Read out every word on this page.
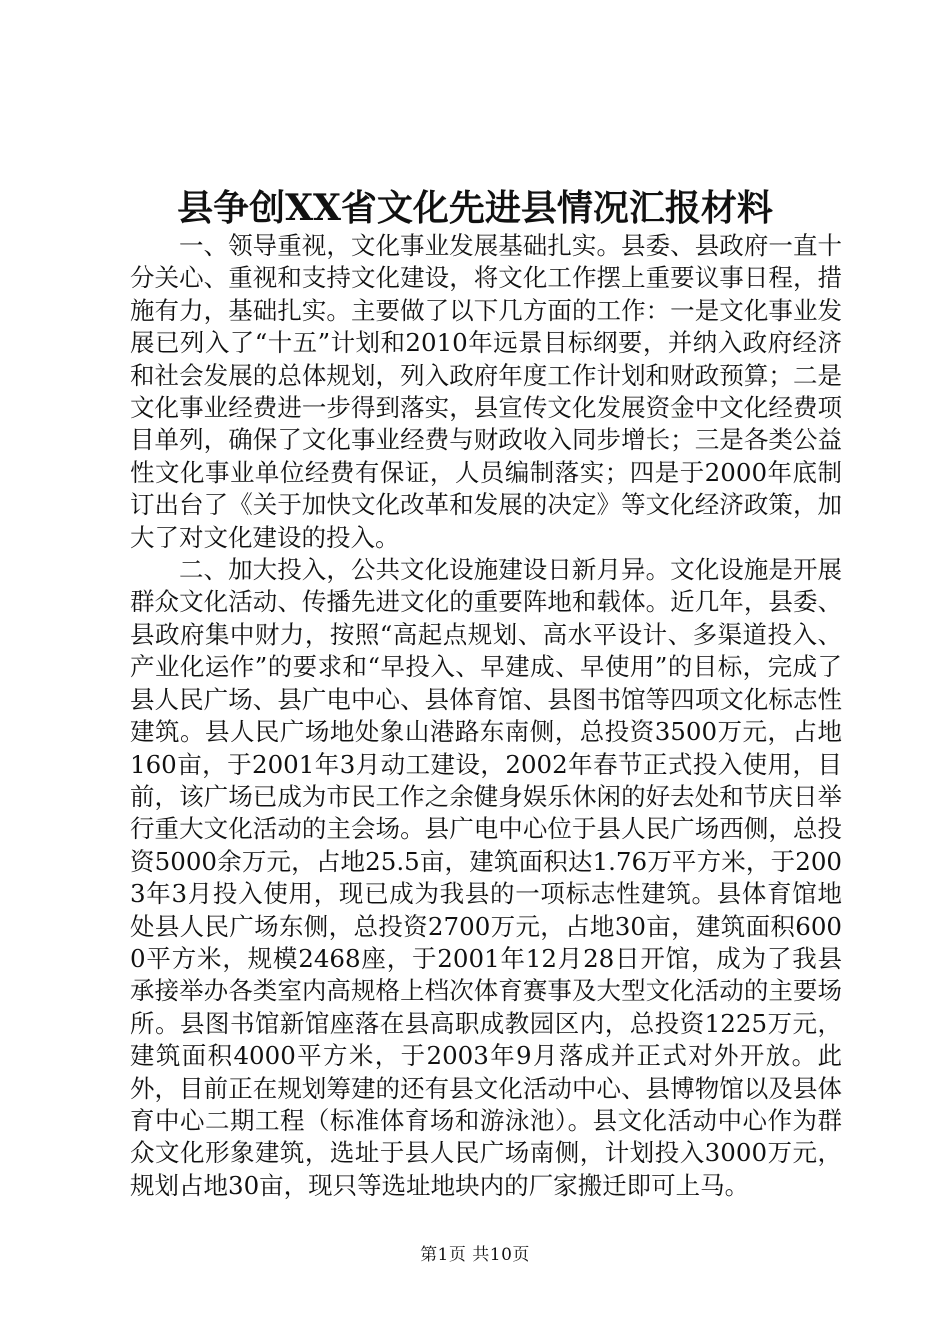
县争创XX省文化先进县情况汇报材料

一、领导重视，文化事业发展基础扎实。县委、县政府一直十分关心、重视和支持文化建设，将文化工作摆上重要议事日程，措施有力，基础扎实。主要做了以下几方面的工作：一是文化事业发展已列入了“十五”计划和2010年远景目标纲要，并纳入政府经济和社会发展的总体规划，列入政府年度工作计划和财政预算；二是文化事业经费进一步得到落实，县宣传文化发展资金中文化经费项目单列，确保了文化事业经费与财政收入同步增长；三是各类公益性文化事业单位经费有保证，人员编制落实；四是于2000年底制订出台了《关于加快文化改革和发展的决定》等文化经济政策，加大了对文化建设的投入。

二、加大投入，公共文化设施建设日新月异。文化设施是开展群众文化活动、传播先进文化的重要阵地和载体。近几年，县委、县政府集中财力，按照“高起点规划、高水平设计、多渠道投入、产业化运作”的要求和“早投入、早建成、早使用”的目标，完成了县人民广场、县广电中心、县体育馆、县图书馆等四项文化标志性建筑。县人民广场地处象山港路东南侧，总投资3500万元，占地160亩，于2001年3月动工建设，2002年春节正式投入使用，目前，该广场已成为市民工作之余健身娱乐休闲的好去处和节庆日举行重大文化活动的主会场。县广电中心位于县人民广场西侧，总投资5000余万元，占地25.5亩，建筑面积达1.76万平方米，于2003年3月投入使用，现已成为我县的一项标志性建筑。县体育馆地处县人民广场东侧，总投资2700万元，占地30亩，建筑面积6000平方米，规模2468座，于2001年12月28日开馆，成为了我县承接举办各类室内高规格上档次体育赛事及大型文化活动的主要场所。县图书馆新馆座落在县高职成教园区内，总投资1225万元，建筑面积4000平方米，于2003年9月落成并正式对外开放。此外，目前正在规划筹建的还有县文化活动中心、县博物馆以及县体育中心二期工程（标准体育场和游泳池）。县文化活动中心作为群众文化形象建筑，选址于县人民广场南侧，计划投入3000万元，规划占地30亩，现只等选址地块内的厂家搬迁即可上马。

第1页 共10页
